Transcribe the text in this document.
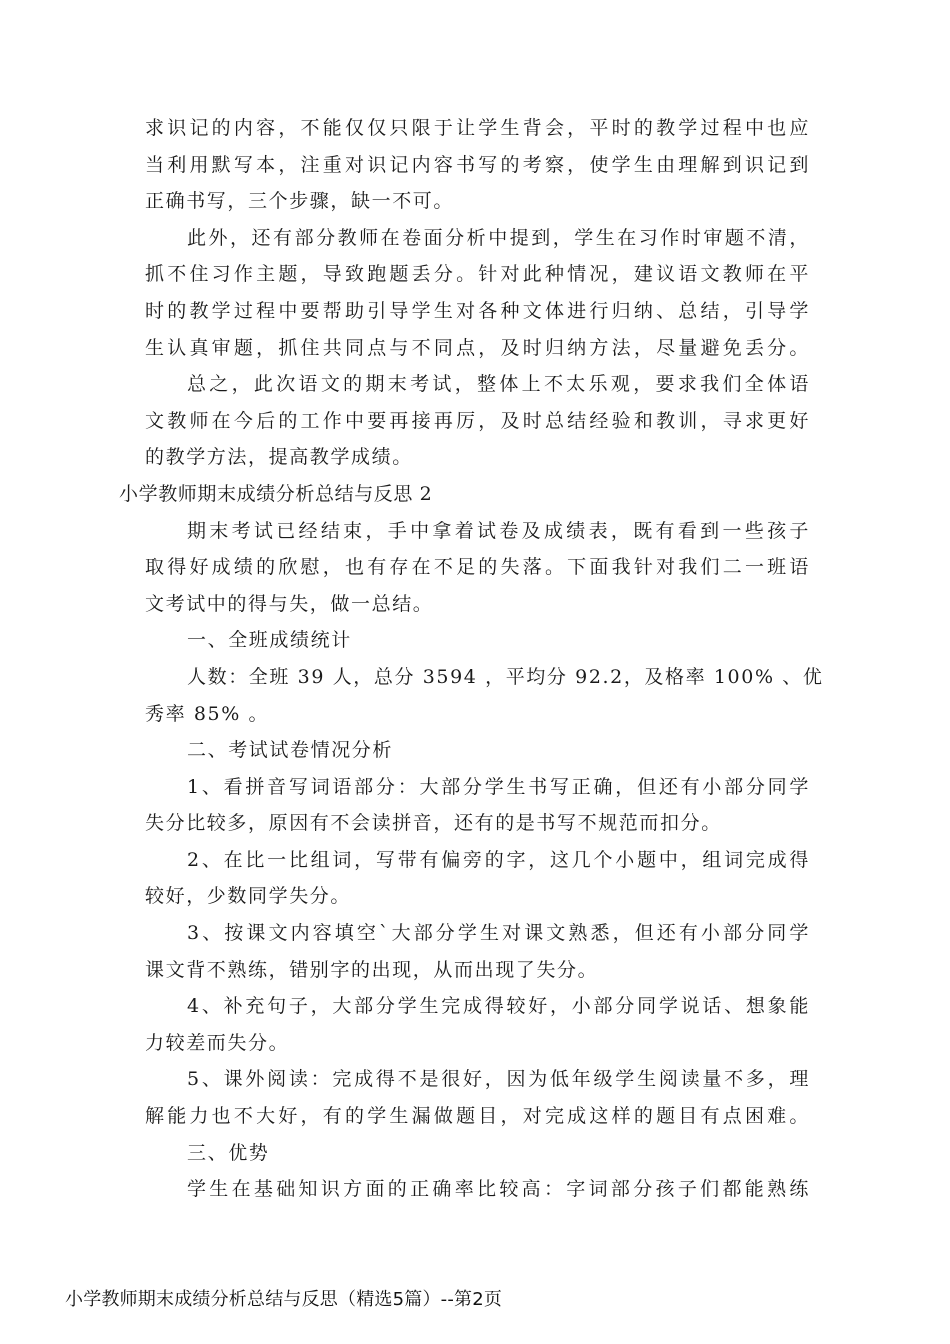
求识记的内容，不能仅仅只限于让学生背会，平时的教学过程中也应
当利用默写本，注重对识记内容书写的考察，使学生由理解到识记到
正确书写，三个步骤，缺一不可。
此外，还有部分教师在卷面分析中提到，学生在习作时审题不清，
抓不住习作主题，导致跑题丢分。针对此种情况，建议语文教师在平
时的教学过程中要帮助引导学生对各种文体进行归纳、总结，引导学
生认真审题，抓住共同点与不同点，及时归纳方法，尽量避免丢分。
总之，此次语文的期末考试，整体上不太乐观，要求我们全体语
文教师在今后的工作中要再接再厉，及时总结经验和教训，寻求更好
的教学方法，提高教学成绩。
小学教师期末成绩分析总结与反思 2
期末考试已经结束，手中拿着试卷及成绩表，既有看到一些孩子
取得好成绩的欣慰，也有存在不足的失落。下面我针对我们二一班语
文考试中的得与失，做一总结。
一、全班成绩统计
人数：全班 39 人，总分 3594 ，平均分 92.2，及格率 100% 、优
秀率 85% 。
二、考试试卷情况分析
1、看拼音写词语部分：大部分学生书写正确，但还有小部分同学
失分比较多，原因有不会读拼音，还有的是书写不规范而扣分。
2、在比一比组词，写带有偏旁的字，这几个小题中，组词完成得
较好，少数同学失分。
3、按课文内容填空`大部分学生对课文熟悉，但还有小部分同学
课文背不熟练，错别字的出现，从而出现了失分。
4、补充句子，大部分学生完成得较好，小部分同学说话、想象能
力较差而失分。
5、课外阅读：完成得不是很好，因为低年级学生阅读量不多，理
解能力也不大好，有的学生漏做题目，对完成这样的题目有点困难。
三、优势
学生在基础知识方面的正确率比较高：字词部分孩子们都能熟练
小学教师期末成绩分析总结与反思（精选5篇）--第2页
